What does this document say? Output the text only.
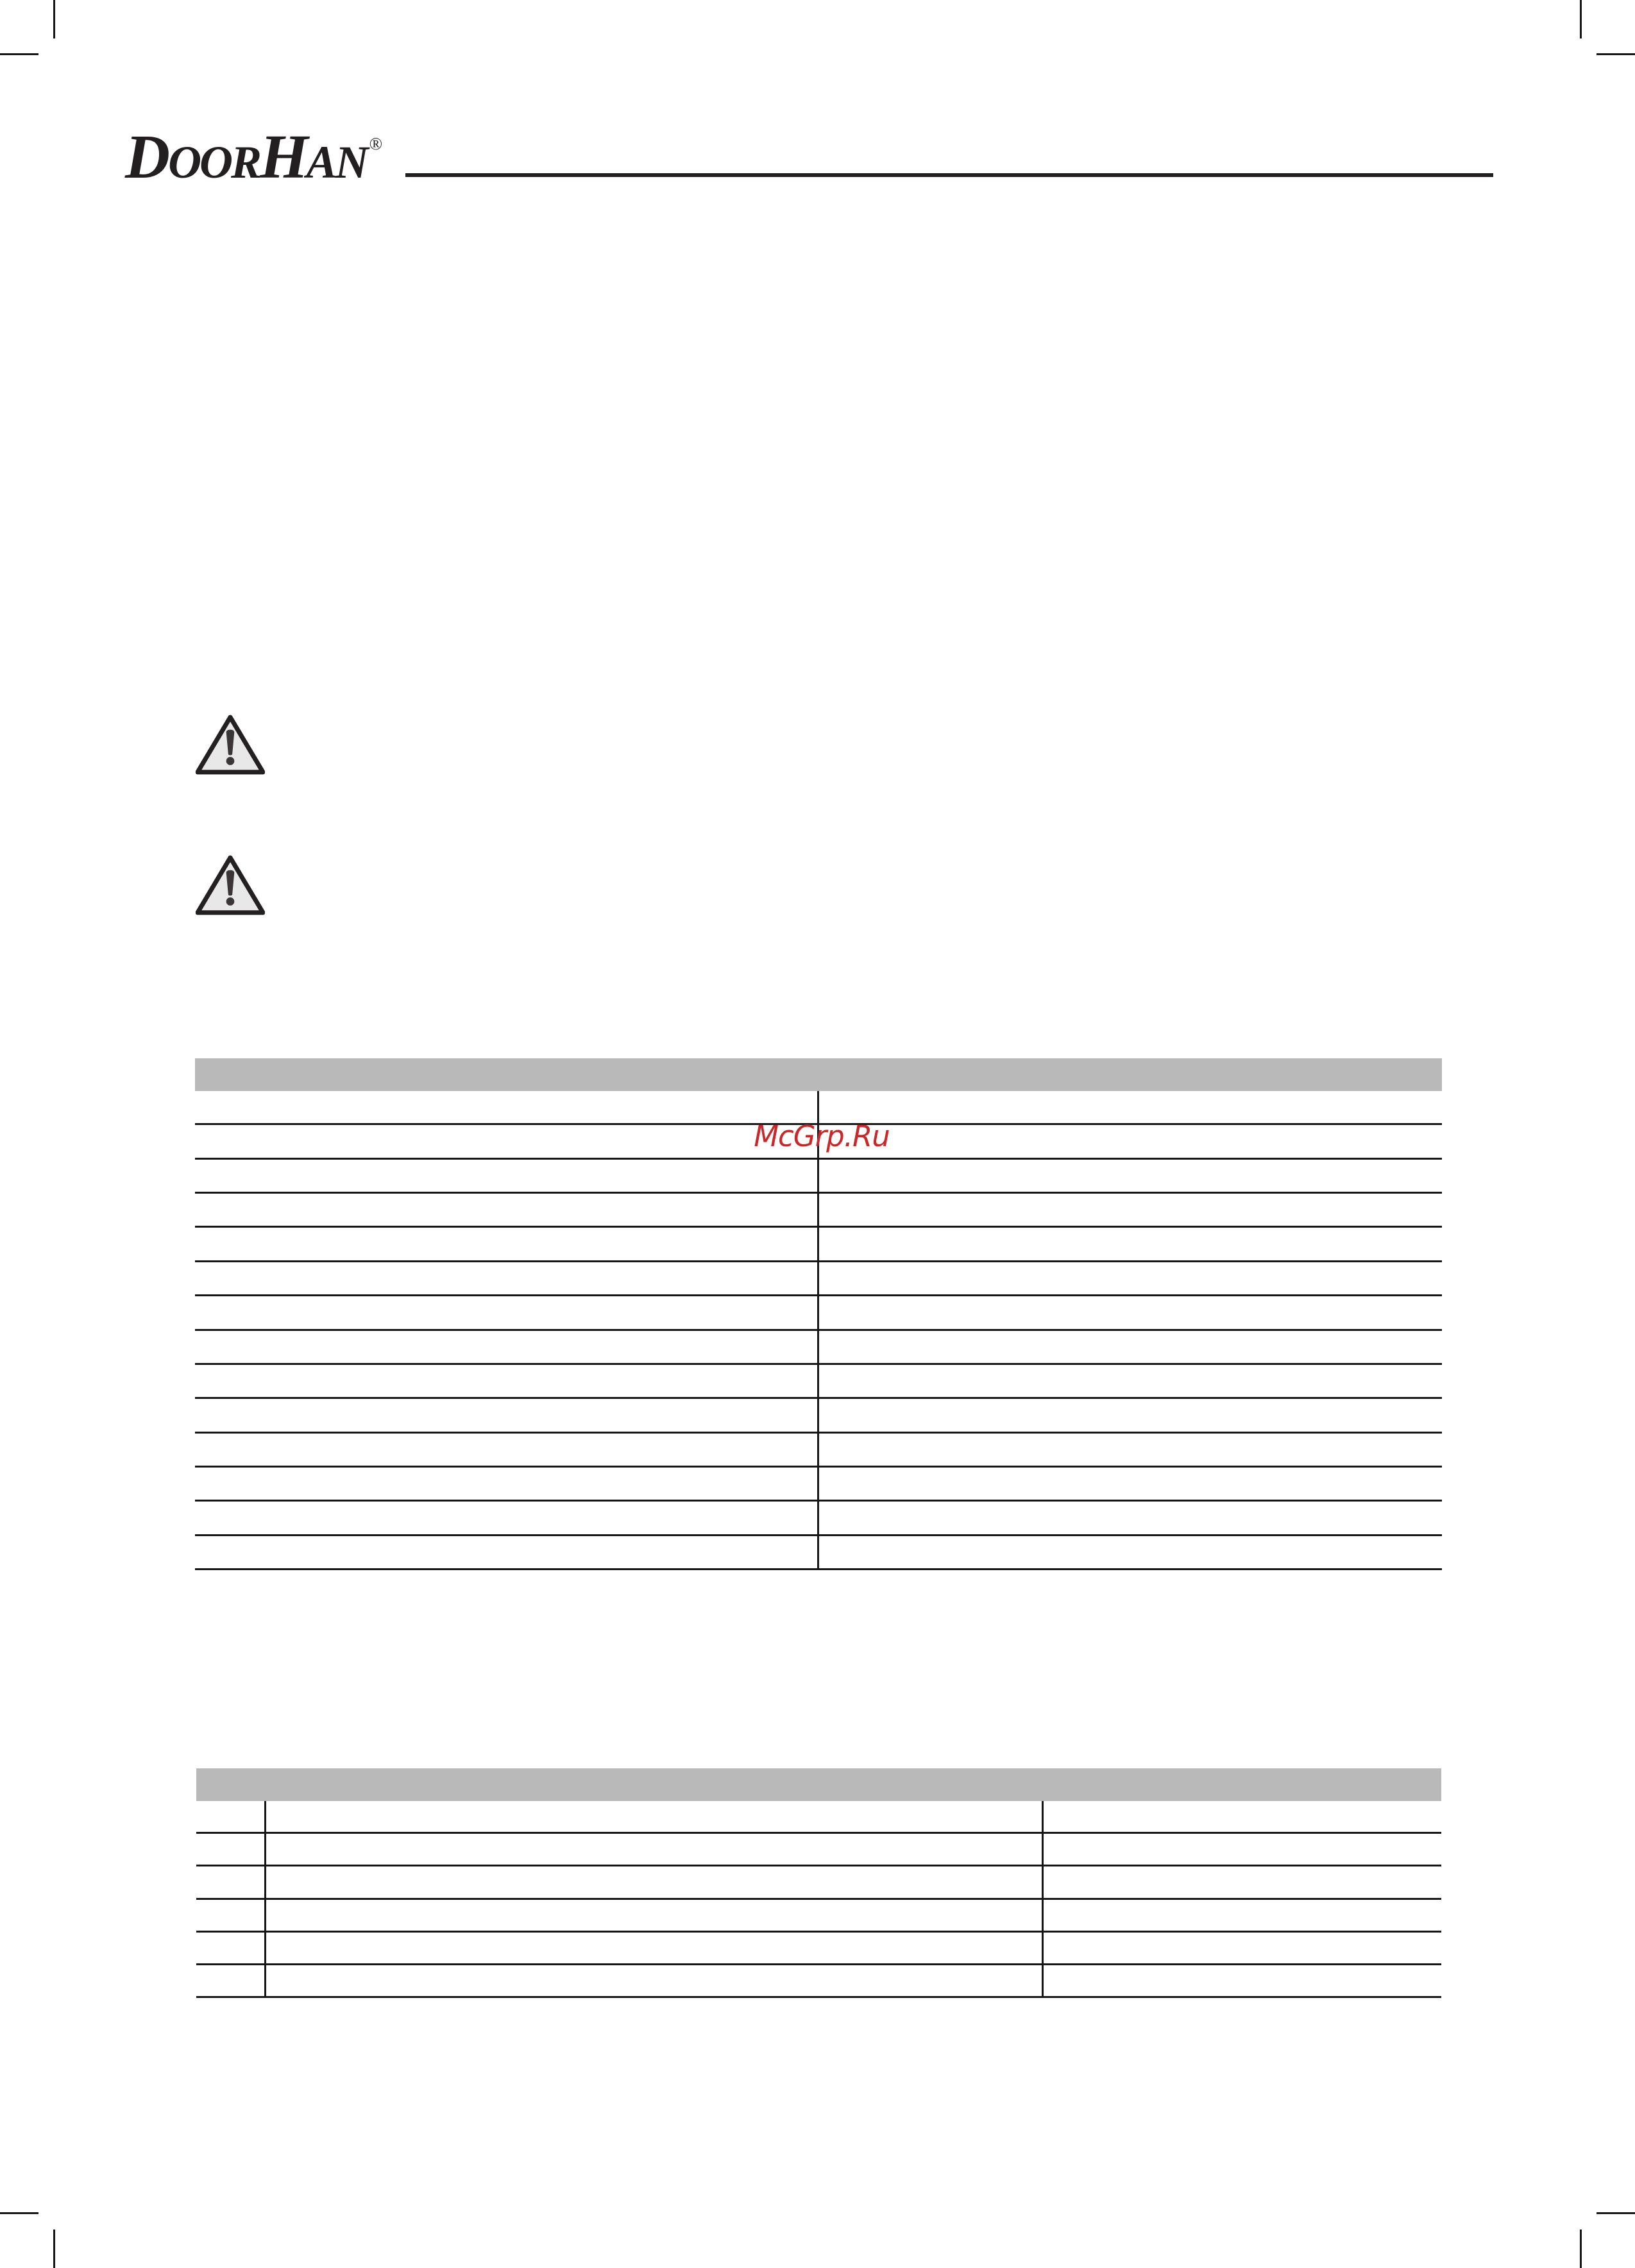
DOORHAN ®
McGrp.Ru
